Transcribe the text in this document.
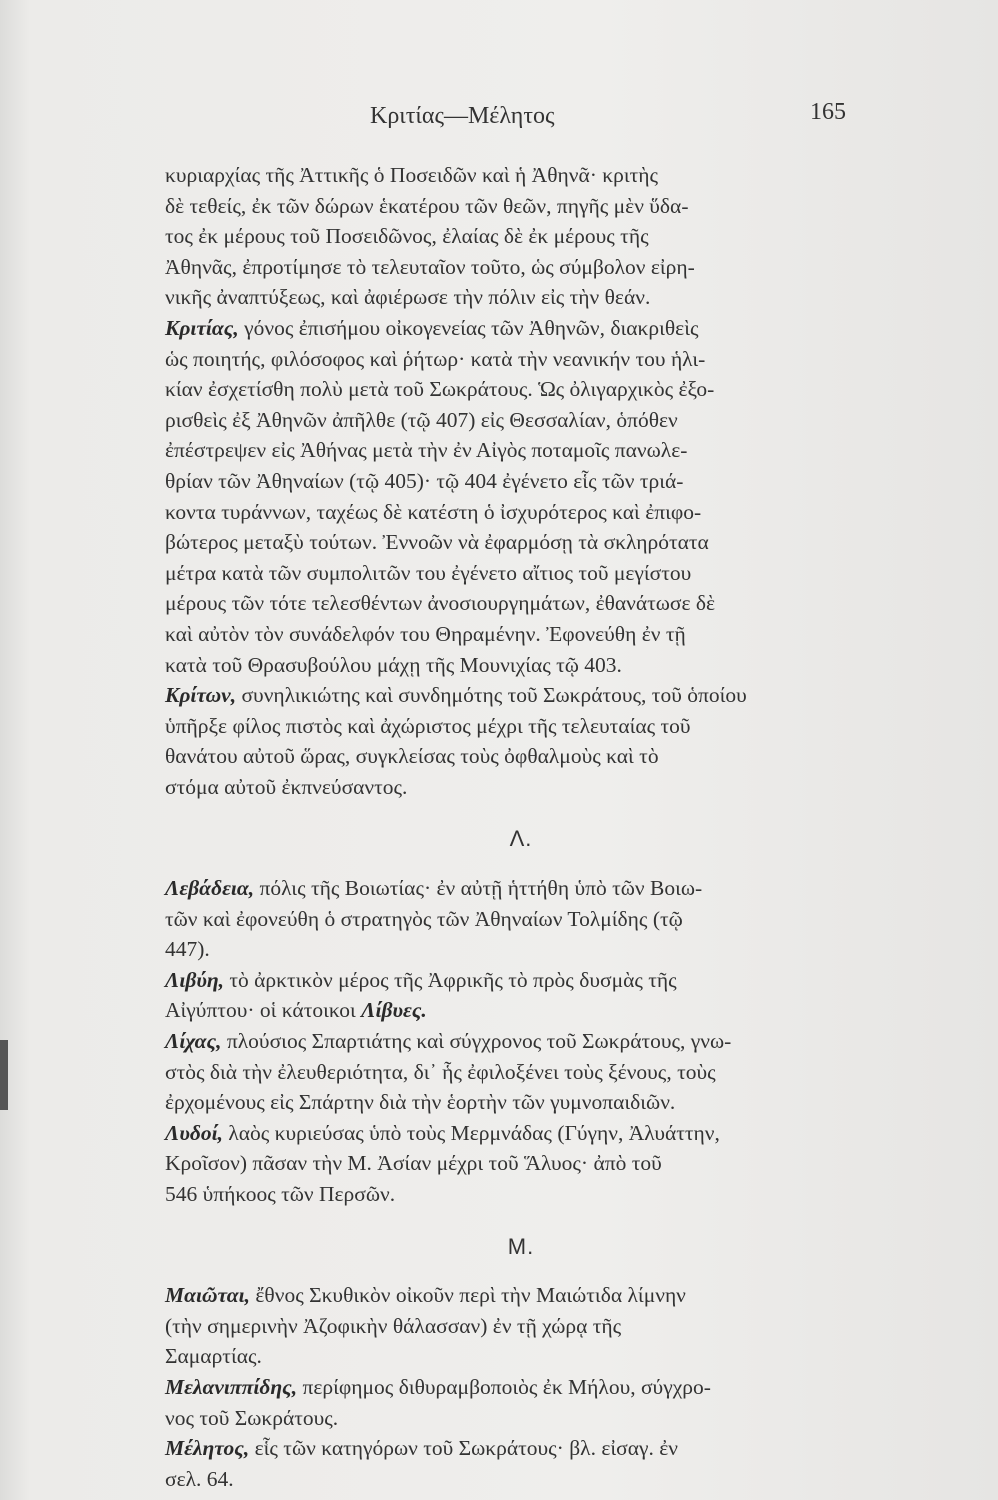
Κριτίας—Μέλητος	165

κυριαρχίας τῆς Ἀττικῆς ὁ Ποσειδῶν καὶ ἡ Ἀθηνᾶ· κριτὴς
δὲ τεθείς, ἐκ τῶν δώρων ἑκατέρου τῶν θεῶν, πηγῆς μὲν ὕδα-
τος ἐκ μέρους τοῦ Ποσειδῶνος, ἐλαίας δὲ ἐκ μέρους τῆς
Ἀθηνᾶς, ἐπροτίμησε τὸ τελευταῖον τοῦτο, ὡς σύμβολον εἰρη-
νικῆς ἀναπτύξεως, καὶ ἀφιέρωσε τὴν πόλιν εἰς τὴν θεάν.

Κριτίας, γόνος ἐπισήμου οἰκογενείας τῶν Ἀθηνῶν, διακριθεὶς
ὡς ποιητής, φιλόσοφος καὶ ῥήτωρ· κατὰ τὴν νεανικήν του ἡλι-
κίαν ἐσχετίσθη πολὺ μετὰ τοῦ Σωκράτους. Ὡς ὀλιγαρχικὸς ἐξο-
ρισθεὶς ἐξ Ἀθηνῶν ἀπῆλθε (τῷ 407) εἰς Θεσσαλίαν, ὁπόθεν
ἐπέστρεψεν εἰς Ἀθήνας μετὰ τὴν ἐν Αἰγὸς ποταμοῖς πανωλε-
θρίαν τῶν Ἀθηναίων (τῷ 405)· τῷ 404 ἐγένετο εἷς τῶν τριά-
κοντα τυράννων, ταχέως δὲ κατέστη ὁ ἰσχυρότερος καὶ ἐπιφο-
βώτερος μεταξὺ τούτων. Ἐννοῶν νὰ ἐφαρμόσῃ τὰ σκληρότατα
μέτρα κατὰ τῶν συμπολιτῶν του ἐγένετο αἴτιος τοῦ μεγίστου
μέρους τῶν τότε τελεσθέντων ἀνοσιουργημάτων, ἐθανάτωσε δὲ
καὶ αὐτὸν τὸν συνάδελφόν του Θηραμένην. Ἐφονεύθη ἐν τῇ
κατὰ τοῦ Θρασυβούλου μάχῃ τῆς Μουνιχίας τῷ 403.

Κρίτων, συνηλικιώτης καὶ συνδημότης τοῦ Σωκράτους, τοῦ ὁποίου
ὑπῆρξε φίλος πιστὸς καὶ ἀχώριστος μέχρι τῆς τελευταίας τοῦ
θανάτου αὐτοῦ ὥρας, συγκλείσας τοὺς ὀφθαλμοὺς καὶ τὸ
στόμα αὐτοῦ ἐκπνεύσαντος.

Λ.

Λεβάδεια, πόλις τῆς Βοιωτίας· ἐν αὐτῇ ἡττήθη ὑπὸ τῶν Βοιω-
τῶν καὶ ἐφονεύθη ὁ στρατηγὸς τῶν Ἀθηναίων Τολμίδης (τῷ
447).

Λιβύη, τὸ ἀρκτικὸν μέρος τῆς Ἀφρικῆς τὸ πρὸς δυσμὰς τῆς
Αἰγύπτου· οἱ κάτοικοι Λίβυες.

Λίχας, πλούσιος Σπαρτιάτης καὶ σύγχρονος τοῦ Σωκράτους, γνω-
στὸς διὰ τὴν ἐλευθεριότητα, δι᾽ ἧς ἐφιλοξένει τοὺς ξένους, τοὺς
ἐρχομένους εἰς Σπάρτην διὰ τὴν ἑορτὴν τῶν γυμνοπαιδιῶν.

Λυδοί, λαὸς κυριεύσας ὑπὸ τοὺς Μερμνάδας (Γύγην, Ἀλυάττην,
Κροῖσον) πᾶσαν τὴν Μ. Ἀσίαν μέχρι τοῦ Ἅλυος· ἀπὸ τοῦ
546 ὑπήκοος τῶν Περσῶν.

Μ.

Μαιῶται, ἔθνος Σκυθικὸν οἰκοῦν περὶ τὴν Μαιώτιδα λίμνην
(τὴν σημερινὴν Ἀζοφικὴν θάλασσαν) ἐν τῇ χώρᾳ τῆς
Σαμαρτίας.

Μελανιππίδης, περίφημος διθυραμβοποιὸς ἐκ Μήλου, σύγχρο-
νος τοῦ Σωκράτους.

Μέλητος, εἷς τῶν κατηγόρων τοῦ Σωκράτους· βλ. εἰσαγ. ἐν
σελ. 64.
